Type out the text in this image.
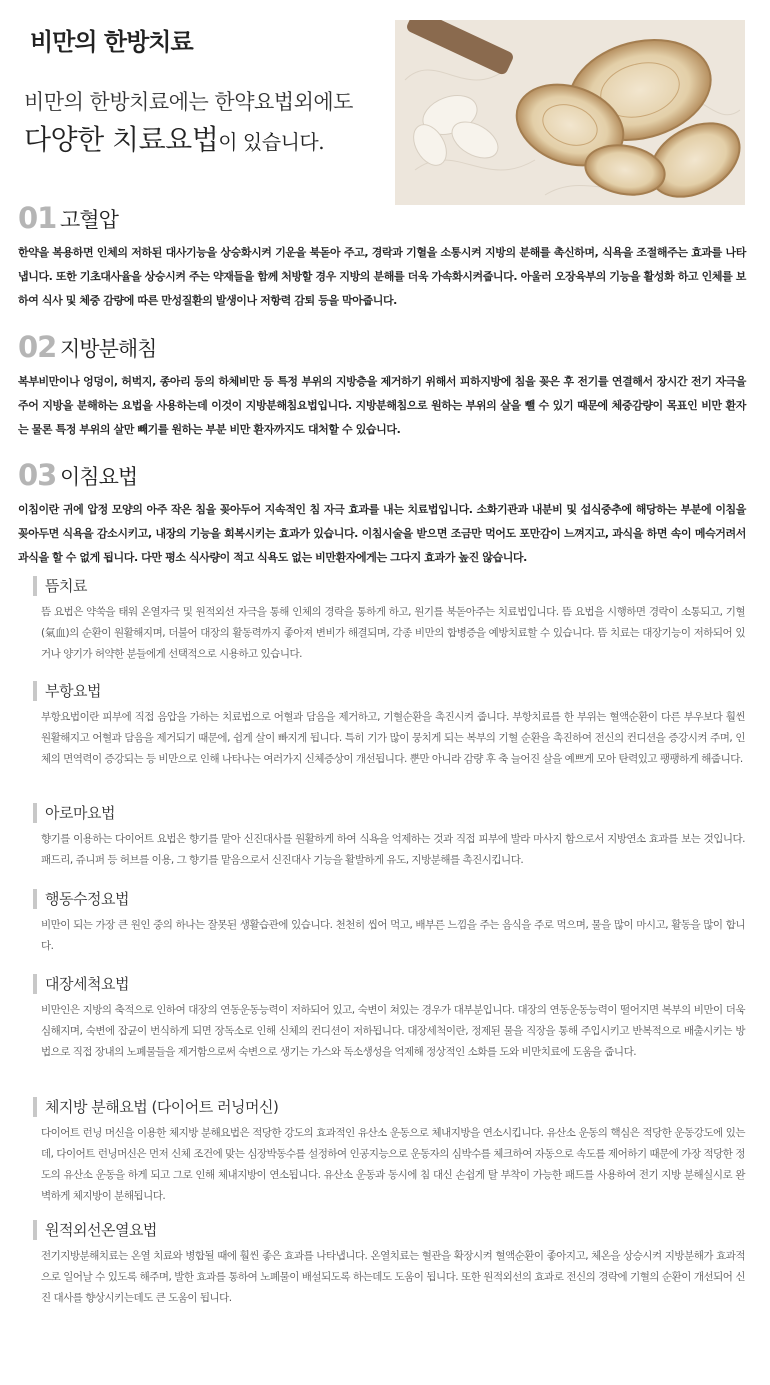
비만의 한방치료
비만의 한방치료에는 한약요법외에도
다양한 치료요법이 있습니다.
01 고혈압
한약을 복용하면 인체의 저하된 대사기능을 상승화시켜 기운을 북돋아 주고, 경락과 기혈을 소통시켜 지방의 분해를 촉신하며, 식욕을 조절해주는 효과를 나타냅니다. 또한 기초대사율을 상승시켜 주는 약재들을 함께 처방할 경우 지방의 분해를 더욱 가속화시켜줍니다. 아울러 오장육부의 기능을 활성화 하고 인체를 보하여 식사 및 체중 감량에 따른 만성질환의 발생이나 저항력 감퇴 등을 막아줍니다.
02 지방분해침
복부비만이나 엉덩이, 허벅지, 종아리 등의 하체비만 등 특정 부위의 지방층을 제거하기 위해서 피하지방에 침을 꽂은 후 전기를 연결해서 장시간 전기 자극을 주어 지방을 분해하는 요법을 사용하는데 이것이 지방분해침요법입니다. 지방분해침으로 원하는 부위의 살을 뺄 수 있기 때문에 체중감량이 목표인 비만 환자는 물론 특정 부위의 살만 빼기를 원하는 부분 비만 환자까지도 대처할 수 있습니다.
03 이침요법
이침이란 귀에 압정 모양의 아주 작은 침을 꽂아두어 지속적인 침 자극 효과를 내는 치료법입니다. 소화기관과 내분비 및 섭식중추에 해당하는 부분에 이침을 꽂아두면 식욕을 감소시키고, 내장의 기능을 회복시키는 효과가 있습니다. 이침시술을 받으면 조금만 먹어도 포만감이 느껴지고, 과식을 하면 속이 메슥거려서 과식을 할 수 없게 됩니다. 다만 평소 식사량이 적고 식욕도 없는 비만환자에게는 그다지 효과가 높진 않습니다.
뜸치료
뜸 요법은 약쑥을 태워 온열자극 및 원적외선 자극을 통해 인체의 경락을 통하게 하고, 원기를 북돋아주는 치료법입니다. 뜸 요법을 시행하면 경락이 소통되고, 기혈(氣血)의 순환이 원활해지며, 더불어 대장의 활동력까지 좋아져 변비가 해결되며, 각종 비만의 합병증을 예방치료할 수 있습니다. 뜸 치료는 대장기능이 저하되어 있거나 양기가 허약한 분들에게 선택적으로 시용하고 있습니다.
부항요법
부항요법이란 피부에 직접 음압을 가하는 치료법으로 어혈과 담음을 제거하고, 기혈순환을 촉진시켜 줍니다. 부항치료를 한 부위는 혈액순환이 다른 부우보다 훨씬 원활해지고 어혈과 담음을 제거되기 때문에, 쉽게 살이 빠지게 됩니다. 특히 기가 많이 뭉치게 되는 복부의 기혈 순환을 촉진하여 전신의 컨디션을 증강시켜 주며, 인체의 면역력이 증강되는 등 비만으로 인해 나타나는 여러가지 신체증상이 개선됩니다. 뿐만 아니라 감량 후 축 늘어진 살을 예쁘게 모아 탄력있고 팽팽하게 해줍니다.
아로마요법
향기를 이용하는 다이어트 요법은 향기를 맡아 신진대사를 원활하게 하여 식욕을 억제하는 것과 직접 피부에 발라 마사지 함으로서 지방연소 효과를 보는 것입니다. 패드리, 쥬니퍼 등 허브를 이용, 그 향기를 맡음으로서 신진대사 기능을 활발하게 유도, 지방분해를 촉진시킵니다.
행동수정요법
비만이 되는 가장 큰 원인 중의 하나는 잘못된 생활습관에 있습니다. 천천히 씹어 먹고, 배부른 느낌을 주는 음식을 주로 먹으며, 물을 많이 마시고, 활동을 많이 합니다.
대장세척요법
비만인은 지방의 축적으로 인하여 대장의 연동운동능력이 저하되어 있고, 숙변이 쳐있는 경우가 대부분입니다. 대장의 연동운동능력이 떨어지면 복부의 비만이 더욱 심해지며, 숙변에 잡균이 번식하게 되면 장독소로 인해 신체의 컨디션이 저하됩니다. 대장세척이란, 정제된 물을 직장을 통해 주입시키고 반복적으로 배출시키는 방법으로 직접 장내의 노폐물들을 제거함으로써 숙변으로 생기는 가스와 독소생성을 억제해 정상적인 소화를 도와 비만치료에 도움을 줍니다.
체지방 분해요법 (다이어트 러닝머신)
다이어트 런닝 머신을 이용한 체지방 분해요법은 적당한 강도의 효과적인 유산소 운동으로 체내지방을 연소시킵니다. 유산소 운동의 핵심은 적당한 운동강도에 있는데, 다이어트 런닝머신은 먼저 신체 조건에 맞는 심장박동수를 설정하여 인공지능으로 운동자의 심박수를 체크하여 자동으로 속도를 제어하기 때문에 가장 적당한 정도의 유산소 운동을 하게 되고 그로 인해 체내지방이 연소됩니다. 유산소 운동과 동시에 침 대신 손쉽게 탈 부착이 가능한 패드를 사용하여 전기 지방 분해실시로 완벽하게 체지방이 분해됩니다.
원적외선온열요법
전기지방분해치료는 온열 치료와 병합될 때에 훨씬 좋은 효과를 나타냅니다. 온열치료는 혈관을 확장시켜 혈액순환이 좋아지고, 체온을 상승시켜 지방분해가 효과적으로 일어날 수 있도록 해주며, 발한 효과를 통하여 노폐물이 배설되도록 하는데도 도움이 됩니다. 또한 원적외선의 효과로 전신의 경락에 기혈의 순환이 개선되어 신진 대사를 향상시키는데도 큰 도움이 됩니다.
